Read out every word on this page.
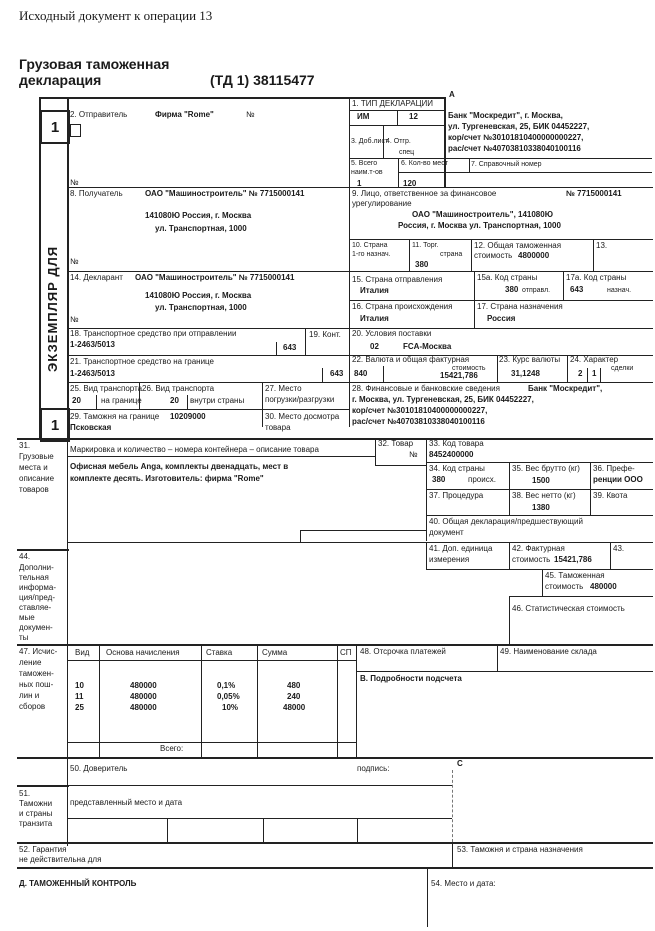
Исходный документ к операции 13
Грузовая таможенная
декларация	(ТД 1) 38115477
А
1
1
ЭКЗЕМПЛЯР ДЛЯ
1. ТИП ДЕКЛАРАЦИИ
ИМ	12
2. Отправитель	Фирма "Rome"	№
№
Банк "Москредит", г. Москва,
ул. Тургеневская, 25, БИК 04452227,
кор/счет №30101810400000000227,
рас/счет №40703810338040100116
3. Доб.лист
4. Отгр.
спец
5. Всего
наим.т-ов
1
6. Кол-во мест
120
7. Справочный номер
8. Получатель	ОАО "Машиностроитель" № 7715000141
141080Ю Россия, г. Москва
ул. Транспортная, 1000
№
9. Лицо, ответственное за финансовое
урегулирование
№ 7715000141
ОАО "Машиностроитель", 141080Ю
Россия, г. Москва ул. Транспортная, 1000
10. Страна
1-го назнач.
11. Торг.
страна
380
12. Общая таможенная
стоимость 4800000
13.
14. Декларант ОАО "Машиностроитель" № 7715000141
141080Ю Россия, г. Москва
ул. Транспортная, 1000
№
15. Страна отправления
Италия
15а. Код страны
380 отправл.
17а. Код страны
643	назнач.
16. Страна происхождения
Италия
17. Страна назначения
Россия
18. Транспортное средство при отправлении
1-2463/5013	643
19. Конт. 20. Условия поставки
02	FCA-Москва
21. Транспортное средство на границе
1-2463/5013	643
22. Валюта и общая фактурная
стоимость
840	15421,786
23. Курс валюты
31,1248
24. Характер
сделки
2 1
25. Вид транспорта
20	на границе
26. Вид транспорта
20 внутри страны
27. Место
погрузки/разгрузки
28. Финансовые и банковские сведения	Банк "Москредит",
г. Москва, ул. Тургеневская, 25, БИК 04452227,
кор/счет №30101810400000000227,
рас/счет №40703810338040100116
29. Таможня на границе 10209000
Псковская
30. Место досмотра
товара
31.
Грузовые
места и
описание
товаров
Маркировка и количество – номера контейнера – описание товара
Офисная мебель Anga, комплекты двенадцать, мест в
комплекте десять. Изготовитель: фирма "Rome"
32. Товар
№
33. Код товара
8452400000
34. Код страны
380	происх.
35. Вес брутто (кг)
1500
36. Префе-
ренции ООО
37. Процедура	38. Вес нетто (кг)
1380
39. Квота
40. Общая декларация/предшествующий
документ
41. Доп. единица
измерения
42. Фактурная
стоимость 15421,786
43.
44.
Дополни-
тельная
информа-
ция/пред-
ставляе-
мые
докумен-
ты
45. Таможенная
стоимость 480000
46. Статистическая стоимость
47. Исчис-
ление
таможен-
ных пош-
лин и
сборов
Вид Основа начисления	Ставка	Сумма	СП
10	480000	0,1%	480
11	480000	0,05%	240
25	480000	10%	48000
Всего:
48. Отсрочка платежей	49. Наименование склада
В. Подробности подсчета
50. Доверитель	подпись:
С
51.
Таможни
и страны
транзита
представленный место и дата
52. Гарантия
не действительна для
53. Таможня и страна назначения
Д. ТАМОЖЕННЫЙ КОНТРОЛЬ	54. Место и дата:
